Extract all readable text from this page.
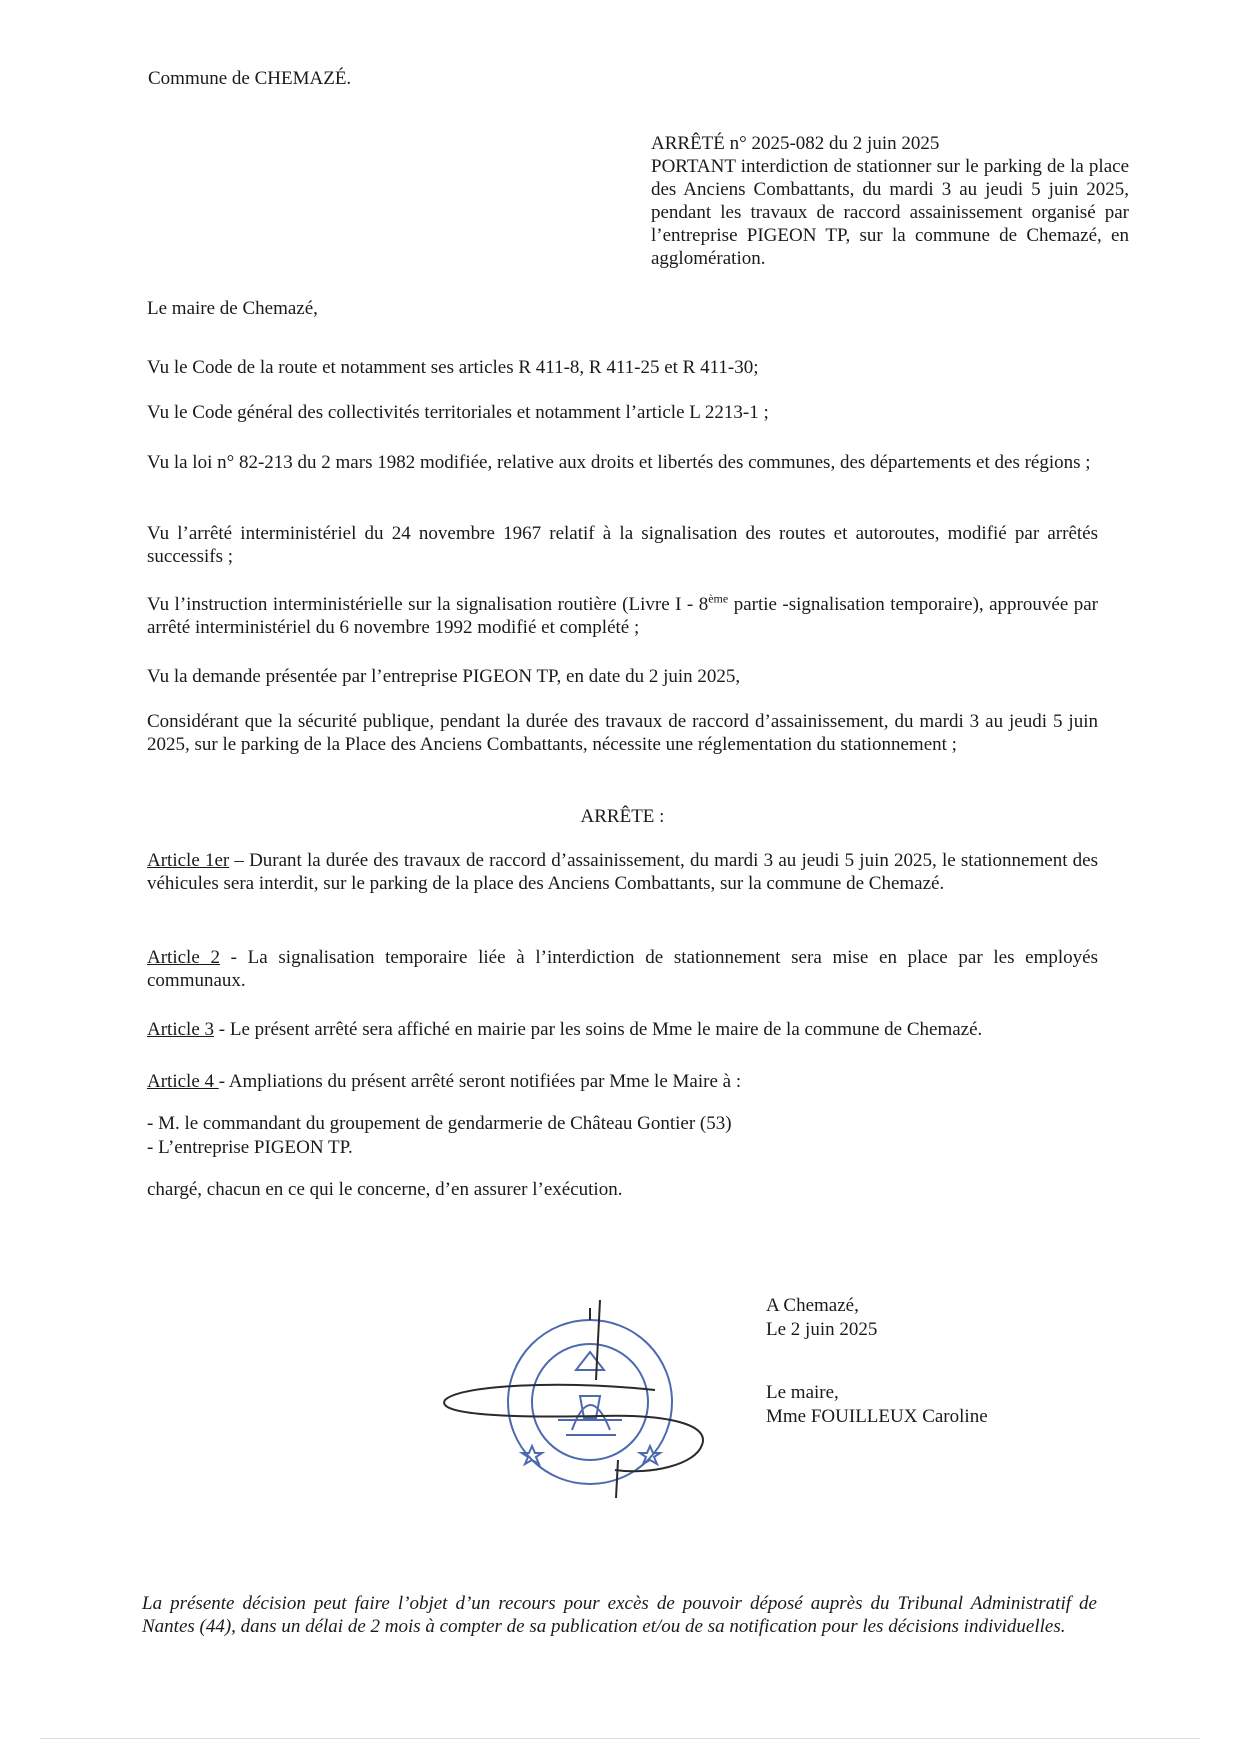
Commune de CHEMAZÉ.
ARRÊTÉ n° 2025-082 du 2 juin 2025
PORTANT interdiction de stationner sur le parking de la place des Anciens Combattants, du mardi 3 au jeudi 5 juin 2025, pendant les travaux de raccord assainissement organisé par l’entreprise PIGEON TP, sur la commune de Chemazé, en agglomération.
Le maire de Chemazé,
Vu le Code de la route et notamment ses articles R 411-8, R 411-25 et R 411-30;
Vu le Code général des collectivités territoriales et notamment l’article L 2213-1 ;
Vu la loi n° 82-213 du 2 mars 1982 modifiée, relative aux droits et libertés des communes, des départements et des régions ;
Vu l’arrêté interministériel du 24 novembre 1967 relatif à la signalisation des routes et autoroutes, modifié par arrêtés successifs ;
Vu l’instruction interministérielle sur la signalisation routière (Livre I - 8ème partie -signalisation temporaire), approuvée par arrêté interministériel du 6 novembre 1992 modifié et complété ;
Vu la demande présentée par l’entreprise PIGEON TP, en date du 2 juin 2025,
Considérant que la sécurité publique, pendant la durée des travaux de raccord d’assainissement, du mardi 3 au jeudi 5 juin 2025, sur le parking de la Place des Anciens Combattants, nécessite une réglementation du stationnement ;
ARRÊTE :
Article 1er – Durant la durée des travaux de raccord d’assainissement, du mardi 3 au jeudi 5 juin 2025, le stationnement des véhicules sera interdit, sur le parking de la place des Anciens Combattants, sur la commune de Chemazé.
Article 2 - La signalisation temporaire liée à l’interdiction de stationnement sera mise en place par les employés communaux.
Article 3 - Le présent arrêté sera affiché en mairie par les soins de Mme le maire de la commune de Chemazé.
Article 4 - Ampliations du présent arrêté seront notifiées par Mme le Maire à :
- M. le commandant du groupement de gendarmerie de Château Gontier (53)
- L’entreprise PIGEON TP.
chargé, chacun en ce qui le concerne, d’en assurer l’exécution.
A Chemazé,
Le 2 juin 2025
Le maire,
Mme FOUILLEUX Caroline
La présente décision peut faire l’objet d’un recours pour excès de pouvoir déposé auprès du Tribunal Administratif de Nantes (44), dans un délai de 2 mois à compter de sa publication et/ou de sa notification pour les décisions individuelles.
